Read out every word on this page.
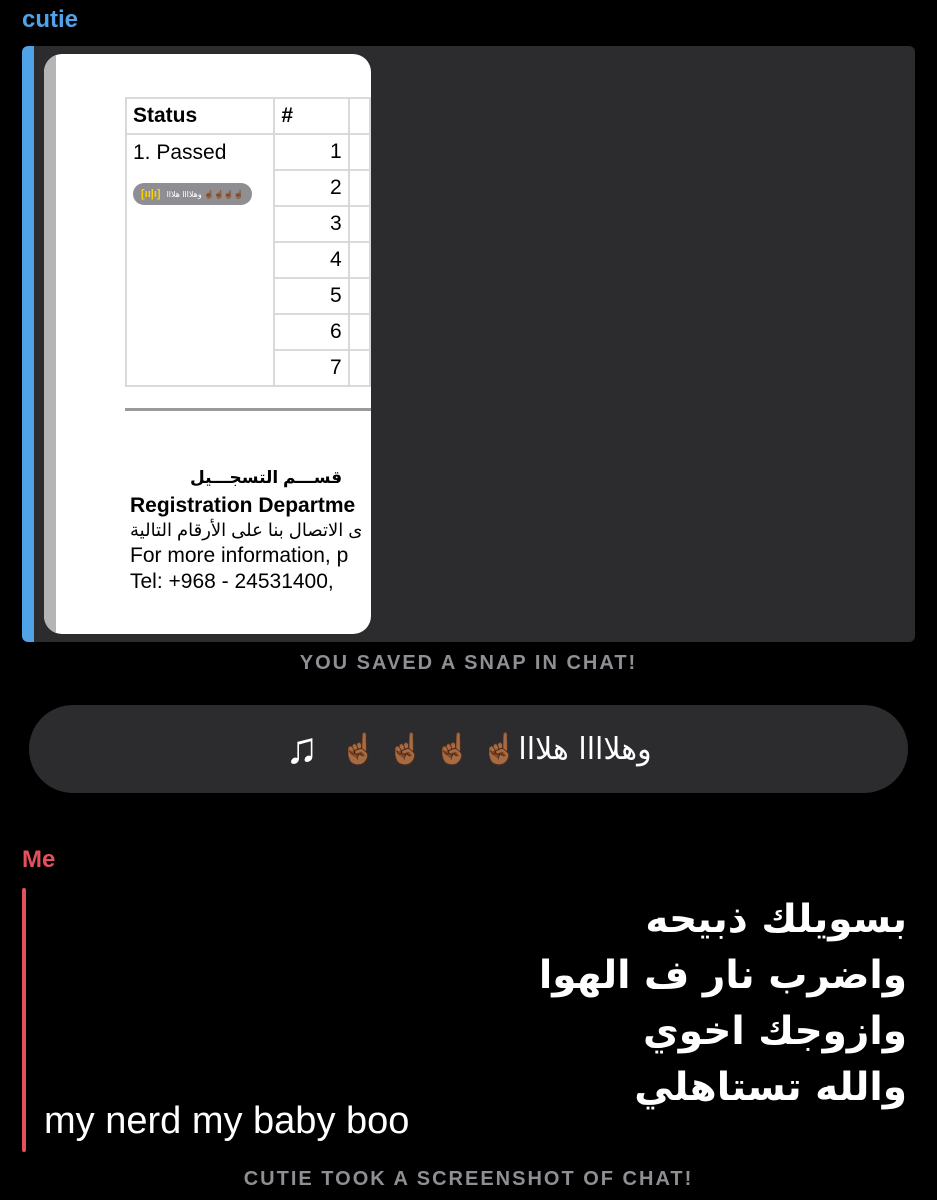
cutie
Status	#	

1. Passed
[ıı|ı] وهلاااا هلااا ☝🏾☝🏾☝🏾☝🏾	1	
	2	
	3	
	4	
	5	
	6	
	7	
قســـم التسجـــيل
Registration Departme
ى الاتصال بنا على الأرقام التالية
For more information, p
Tel: +968 - 24531400,
YOU SAVED A SNAP IN CHAT!
♫ وهلاااا هلااا☝🏾 ☝🏾 ☝🏾 ☝🏾
Me
بسويلك ذبيحه
واضرب نار ف الهوا
وازوجك اخوي
والله تستاهلي
my nerd my baby boo
CUTIE TOOK A SCREENSHOT OF CHAT!
